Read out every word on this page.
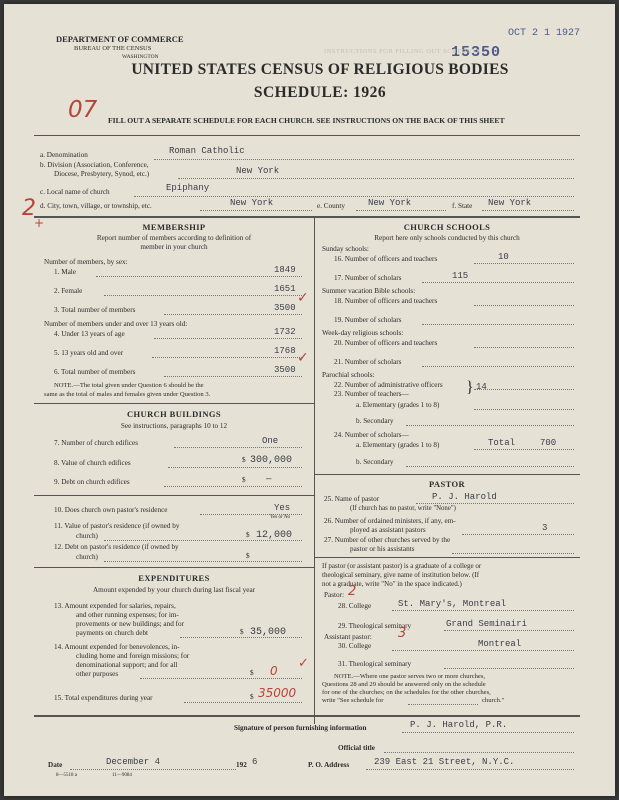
DEPARTMENT OF COMMERCE
BUREAU OF THE CENSUS
WASHINGTON
OCT 2 1 1927
15350
INSTRUCTIONS FOR FILLING OUT SCHEDULE
UNITED STATES CENSUS OF RELIGIOUS BODIES
SCHEDULE: 1926
07 FILL OUT A SEPARATE SCHEDULE FOR EACH CHURCH. SEE INSTRUCTIONS ON THE BACK OF THIS SHEET
2
+
a. Denomination	Roman Catholic
b. Division (Association, Conference,
Diocese, Presbytery, Synod, etc.)	New York
c. Local name of church	Epiphany
d. City, town, village, or township, etc.	New York	e. County	New York	f. State New York
MEMBERSHIP
Report number of members according to definition of
member in your church
Number of members, by sex:
1. Male	1849
2. Female	1651
3. Total number of members	3500
✓
Number of members under and over 13 years old:
4. Under 13 years of age	1732
5. 13 years old and over	1768
6. Total number of members	3500
✓
NOTE.—The total given under Question 6 should be the
same as the total of males and females given under Question 3.
CHURCH BUILDINGS
See instructions, paragraphs 10 to 12
7. Number of church edifices	One
8. Value of church edifices	$ 300,000
9. Debt on church edifices	$ —
10. Does church own pastor's residence	Yes
Yes or No
11. Value of pastor's residence (if owned by
church)	$ 12,000
12. Debt on pastor's residence (if owned by
church)	$
EXPENDITURES
Amount expended by your church during last fiscal year
13. Amount expended for salaries, repairs,
and other running expenses; for im-
provements or new buildings; and for
payments on church debt	$ 35,000
14. Amount expended for benevolences, in-
cluding home and foreign missions; for
denominational support; and for all
other purposes	$ 0 ✓
15. Total expenditures during year	$ 35000
CHURCH SCHOOLS
Report here only schools conducted by this church
Sunday schools:
16. Number of officers and teachers	10
17. Number of scholars	115
Summer vacation Bible schools:
18. Number of officers and teachers
19. Number of scholars
Week-day religious schools:
20. Number of officers and teachers
21. Number of scholars
Parochial schools:
22. Number of administrative officers } 14
23. Number of teachers—
a. Elementary (grades 1 to 8)
b. Secondary
24. Number of scholars—
a. Elementary (grades 1 to 8)	Total	700
b. Secondary
PASTOR
25. Name of pastor	P. J. Harold
(If church has no pastor, write "None")
26. Number of ordained ministers, if any, em-
ployed as assistant pastors	3
27. Number of other churches served by the
pastor or his assistants
If pastor (or assistant pastor) is a graduate of a college or
theological seminary, give name of institution below. (If
not a graduate, write "No" in the space indicated.)
Pastor: 2
28. College	St. Mary's, Montreal
29. Theological seminary	Grand Seminairi
Assistant pastor: 3
30. College	Montreal
31. Theological seminary
NOTE.—Where one pastor serves two or more churches,
Questions 28 and 29 should be answered only on the schedule
for one of the churches; on the schedules for the other churches,
write "See schedule for	church."
Signature of person furnishing information	P. J. Harold, P.R.
Official title
Date	December 4	192 6	P. O. Address	239 East 21 Street, N.Y.C.
8—5518 a	11—9084
